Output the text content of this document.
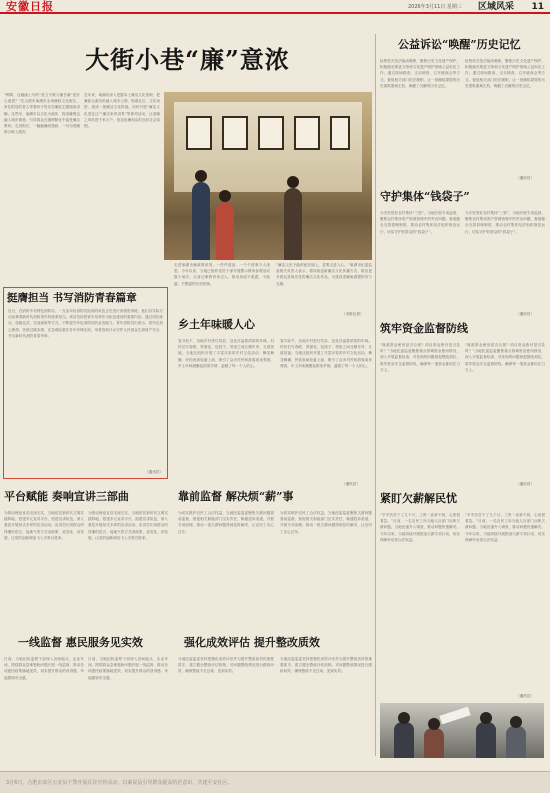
安徽日报	2026年3月11日 星期三 区域风采 11
大街小巷“廉”意浓
“鸭鸭，这幅画上写的“爱立不欺与廉吾谦”是什么意思？”在合肥市巢湖市金汤廉政文化街区，家住附近的老人带着孙子驻足在廉政主题墙前讲解。这些年，巢湖市以文化为载体，将清廉理念融入城市街巷，引导群众在潜移默化中接受廉洁教育。走进街区，一幅幅廉政漫画、一句句清廉格言映入眼帘。
近年来，巢湖市深入挖掘本土廉洁文化资源，把廉政元素有机融入城市公园、街道社区、文化场馆，建成一批廉洁文化阵地。同时开展“廉洁文化进社区”“廉洁家风讲堂”等系列活动，让清廉之风吹进千家万户，营造崇廉尚洁的良好社会氛围。
走进巢湖市廉政教育馆，一件件展品、一个个故事令人深思。今年以来，当地已组织党员干部开展警示教育参观活动数十场次，以身边事教育身边人，推动形成不敢腐、不能腐、不想腐的长效机制。
“廉洁文化不能停留在墙上，更要走进人心。”巢湖市纪委监委相关负责人表示，将持续创新廉洁文化传播方式，推出更多群众喜闻乐见的廉洁文化作品，为建设清廉巢湖提供有力支撑。
（本报记者）
挺膺担当 书写消防青春篇章
近日，在消防中央特色消防站，一支由年轻消防员组成的队伍正在进行高强度训练。他们以实际行动诠释着新时代消防青年的使命担当。该站坚持把青年培养作为队伍建设的重要内容，通过岗位练兵、技能比武、实战演练等方式，不断提升年轻消防员的业务能力。青年消防员们表示，将牢记初心使命，苦练过硬本领，在急难险重任务中冲锋在前，用青春和汗水守护人民群众生命财产安全，书写新时代消防青春华章。
（通讯员）
乡土年味暖人心
春节前夕，各地乡村张灯结彩、处处洋溢着浓浓的年味。村民们写春联、剪窗花、包饺子，邻里之间互赠年货、互道祝福。当地还组织开展了丰富多彩的乡村文化活动，舞龙舞狮、民俗表演轮番上演，吸引了众多村民和游客前来观看。乡土年味凝聚起浓浓乡情，温暖了每一个人的心。
春节前夕，各地乡村张灯结彩、处处洋溢着浓浓的年味。村民们写春联、剪窗花、包饺子，邻里之间互赠年货、互道祝福。当地还组织开展了丰富多彩的乡村文化活动，舞龙舞狮、民俗表演轮番上演，吸引了众多村民和游客前来观看。乡土年味凝聚起浓浓乡情，温暖了每一个人的心。
（通讯员）
平台赋能 奏响宣讲三部曲
为推动理论宣讲走深走实，当地依托新时代文明实践阵地，搭建多元宣讲平台，组建宣讲队伍，深入基层开展形式多样的宣讲活动。宣讲员们用群众听得懂的语言、接地气的方式讲政策、说变化、谈发展，让党的创新理论飞入寻常百姓家。
为推动理论宣讲走深走实，当地依托新时代文明实践阵地，搭建多元宣讲平台，组建宣讲队伍，深入基层开展形式多样的宣讲活动。宣讲员们用群众听得懂的语言、接地气的方式讲政策、说变化、谈发展，让党的创新理论飞入寻常百姓家。
靠前监督 解决烦“薪”事
为切实维护农民工合法权益，当地纪委监委聚焦欠薪问题靠前监督，督促相关职能部门压实责任，畅通投诉渠道，开展专项治理，推动一批欠薪问题得到及时解决，让农民工安心过年。
为切实维护农民工合法权益，当地纪委监委聚焦欠薪问题靠前监督，督促相关职能部门压实责任，畅通投诉渠道，开展专项治理，推动一批欠薪问题得到及时解决，让农民工安心过年。
一线监督 惠民服务见实效
日前，当地纪检监察干部深入田间地头、企业车间，围绕群众急难愁盼问题开展一线监督，推动各项惠民政策落地见效，切实提升群众的获得感、幸福感和安全感。
日前，当地纪检监察干部深入田间地头、企业车间，围绕群众急难愁盼问题开展一线监督，推动各项惠民政策落地见效，切实提升群众的获得感、幸福感和安全感。
强化成效评估 提升整改质效
当地纪委监委坚持把强化成效评估作为提升整改质效的重要抓手，建立健全整改评估机制，对问题整改情况进行跟踪问效，确保整改不走过场、见到实效。
当地纪委监委坚持把强化成效评估作为提升整改质效的重要抓手，建立健全整改评估机制，对问题整改情况进行跟踪问效，确保整改不走过场、见到实效。
公益诉讼“唤醒”历史记忆
检察机关依法能动履职，聚焦历史文化遗产保护，积极稳妥推进文物和文化遗产保护领域公益诉讼工作。通过现场勘查、走访调查、召开磋商会等方式，督促相关部门依法履职，让一批濒临损毁的历史建筑重焕生机，唤醒了沉睡的历史记忆。
检察机关依法能动履职，聚焦历史文化遗产保护，积极稳妥推进文物和文化遗产保护领域公益诉讼工作。通过现场勘查、走访调查、召开磋商会等方式，督促相关部门依法履职，让一批濒临损毁的历史建筑重焕生机，唤醒了沉睡的历史记忆。
（通讯员）
守护集体“钱袋子”
为守好管好农村集体“三资”，当地开展专项监督，聚焦农村集体资产资源管理中的突出问题，督促健全完善管理制度，推动农村集体经济组织规范运行，切实守护好群众的“钱袋子”。
为守好管好农村集体“三资”，当地开展专项监督，聚焦农村集体资产资源管理中的突出问题，督促健全完善管理制度，推动农村集体经济组织规范运行，切实守护好群众的“钱袋子”。
（通讯员）
筑牢资金监督防线
“财政资金使用是否合规？项目资金拨付是否及时？”当地纪委监委聚焦重点领域资金使用情况，深入开展监督检查，对发现的问题督促整改到位，筑牢资金安全监督防线，确保每一笔资金都用在刀刃上。
“财政资金使用是否合规？项目资金拨付是否及时？”当地纪委监委聚焦重点领域资金使用情况，深入开展监督检查，对发现的问题督促整改到位，筑牢资金安全监督防线，确保每一笔资金都用在刀刃上。
（通讯员）
紧盯欠薪解民忧
“辛辛苦苦干了几个月，工资一直拿不到，心里很着急。”日前，一名农民工向当地人社部门反映欠薪问题。当地迅速介入调查，推动问题快速解决。今年以来，当地持续开展根治欠薪专项行动，切实保障劳动者合法权益。
“辛辛苦苦干了几个月，工资一直拿不到，心里很着急。”日前，一名农民工向当地人社部门反映欠薪问题。当地迅速介入调查，推动问题快速解决。今年以来，当地持续开展根治欠薪专项行动，切实保障劳动者合法权益。
（通讯员）
3月6日，合肥市某区公安局干警开展反诈宣传活动，以案说法引导群众提高防范意识，共建平安社区。
